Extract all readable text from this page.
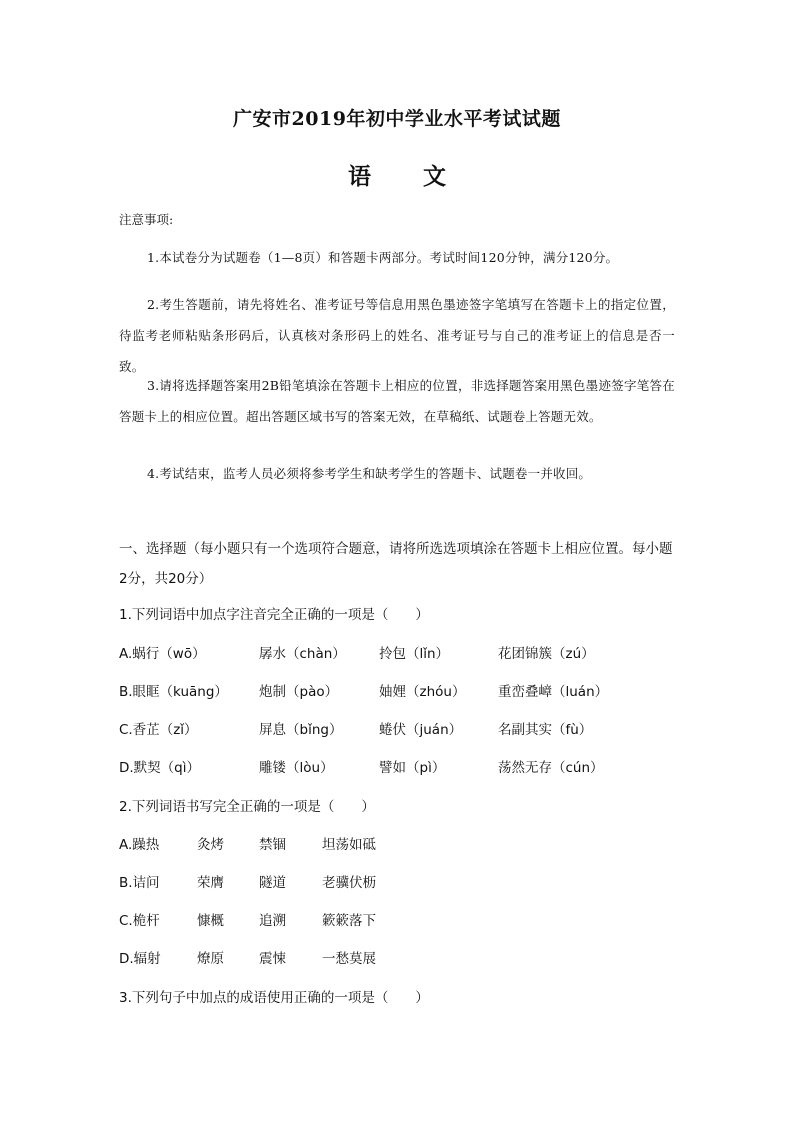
广安市2019年初中学业水平考试试题
语 文
注意事项:
1.本试卷分为试题卷（1—8页）和答题卡两部分。考试时间120分钟，满分120分。
2.考生答题前，请先将姓名、准考证号等信息用黑色墨迹签字笔填写在答题卡上的指定位置，待监考老师粘贴条形码后，认真核对条形码上的姓名、准考证号与自己的准考证上的信息是否一致。
3.请将选择题答案用2B铅笔填涂在答题卡上相应的位置，非选择题答案用黑色墨迹签字笔答在答题卡上的相应位置。超出答题区域书写的答案无效，在草稿纸、试题卷上答题无效。
4.考试结束，监考人员必须将参考学生和缺考学生的答题卡、试题卷一并收回。
一、选择题（每小题只有一个选项符合题意，请将所选选项填涂在答题卡上相应位置。每小题2分，共20分）
1.下列词语中加点字注音完全正确的一项是（　　）
A.蜗行（wō）	孱水（chàn） 拎包（lǐn）	花团锦簇（zú）
B.眼眶（kuāng） 炮制（pào）	妯娌（zhóu） 重峦叠嶂（luán）
C.香芷（zǐ）	屏息（bǐng）	蜷伏（juán）	名副其实（fù）
D.默契（qì）	雕镂（lòu）	譬如（pì）	荡然无存（cún）
2.下列词语书写完全正确的一项是（　　）
A.躁热	灸烤	禁锢	坦荡如砥
B.诘问	荣膺	隧道	老骥伏枥
C.桅杆	慷概	追溯	簌簌落下
D.辐射	燎原	震悚	一愁莫展
3.下列句子中加点的成语使用正确的一项是（　　）
